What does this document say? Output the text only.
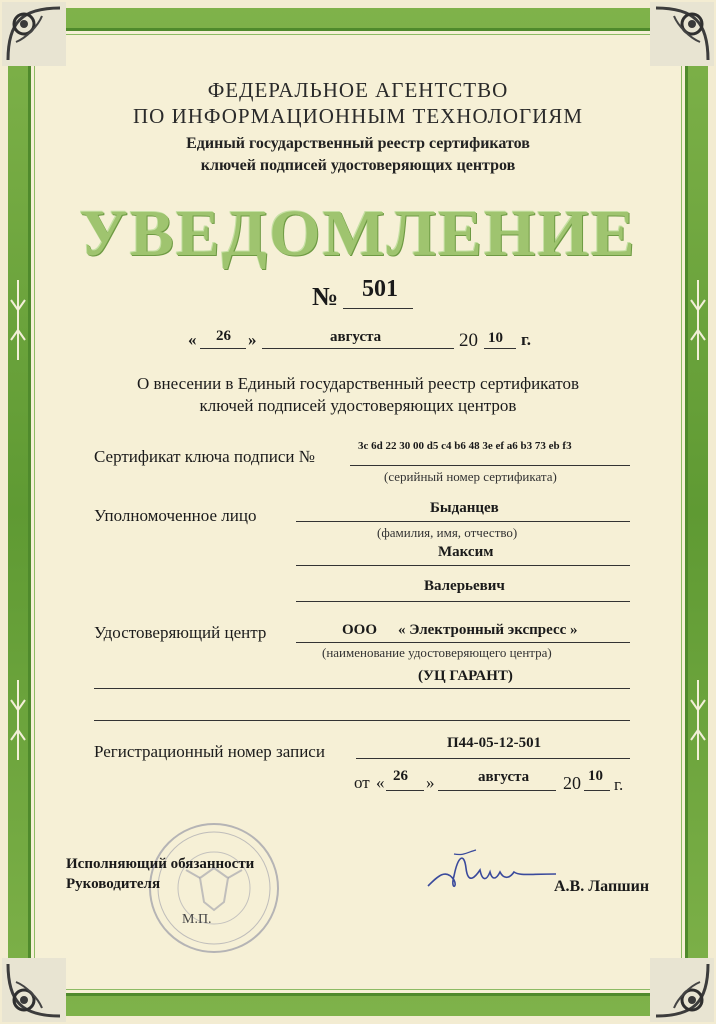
ФЕДЕРАЛЬНОЕ АГЕНТСТВО
ПО ИНФОРМАЦИОННЫМ ТЕХНОЛОГИЯМ
Единый государственный реестр сертификатов
ключей подписей удостоверяющих центров
УВЕДОМЛЕНИЕ
№ 501
« 26 »	августа	20 10 г.
О внесении в Единый государственный реестр сертификатов
ключей подписей удостоверяющих центров
Сертификат ключа подписи №
3c 6d 22 30 00 d5 c4 b6 48 3e ef a6 b3 73 eb f3
(серийный номер сертификата)
Уполномоченное лицо	Быданцев
(фамилия, имя, отчество)
Максим
Валерьевич
Удостоверяющий центр	ООО « Электронный экспресс »
(наименование удостоверяющего центра)
(УЦ ГАРАНТ)
Регистрационный номер записи	П44-05-12-501
от « 26 »	августа 20 10 г.
Исполняющий обязанности
Руководителя
М.П.
А.В. Лапшин
